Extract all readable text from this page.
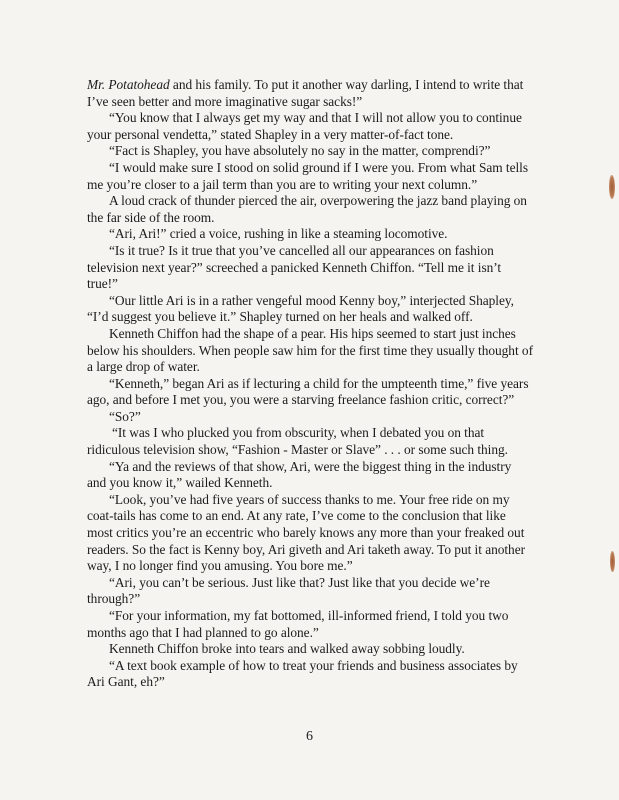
Mr. Potatohead and his family. To put it another way darling, I intend to write that I’ve seen better and more imaginative sugar sacks!”

“You know that I always get my way and that I will not allow you to continue your personal vendetta,” stated Shapley in a very matter-of-fact tone.

“Fact is Shapley, you have absolutely no say in the matter, comprendi?”

“I would make sure I stood on solid ground if I were you. From what Sam tells me you’re closer to a jail term than you are to writing your next column.”

A loud crack of thunder pierced the air, overpowering the jazz band playing on the far side of the room.

“Ari, Ari!” cried a voice, rushing in like a steaming locomotive.

“Is it true? Is it true that you’ve cancelled all our appearances on fashion television next year?” screeched a panicked Kenneth Chiffon. “Tell me it isn’t true!”

“Our little Ari is in a rather vengeful mood Kenny boy,” interjected Shapley, “I’d suggest you believe it.” Shapley turned on her heals and walked off.

Kenneth Chiffon had the shape of a pear. His hips seemed to start just inches below his shoulders. When people saw him for the first time they usually thought of a large drop of water.

“Kenneth,” began Ari as if lecturing a child for the umpteenth time,” five years ago, and before I met you, you were a starving freelance fashion critic, correct?”

“So?”

“It was I who plucked you from obscurity, when I debated you on that ridiculous television show, “Fashion - Master or Slave” . . . or some such thing.

“Ya and the reviews of that show, Ari, were the biggest thing in the industry and you know it,” wailed Kenneth.

“Look, you’ve had five years of success thanks to me. Your free ride on my coat-tails has come to an end. At any rate, I’ve come to the conclusion that like most critics you’re an eccentric who barely knows any more than your freaked out readers. So the fact is Kenny boy, Ari giveth and Ari taketh away. To put it another way, I no longer find you amusing. You bore me.”

“Ari, you can’t be serious. Just like that? Just like that you decide we’re through?”

“For your information, my fat bottomed, ill-informed friend, I told you two months ago that I had planned to go alone.”

Kenneth Chiffon broke into tears and walked away sobbing loudly.

“A text book example of how to treat your friends and business associates by Ari Gant, eh?”

6
